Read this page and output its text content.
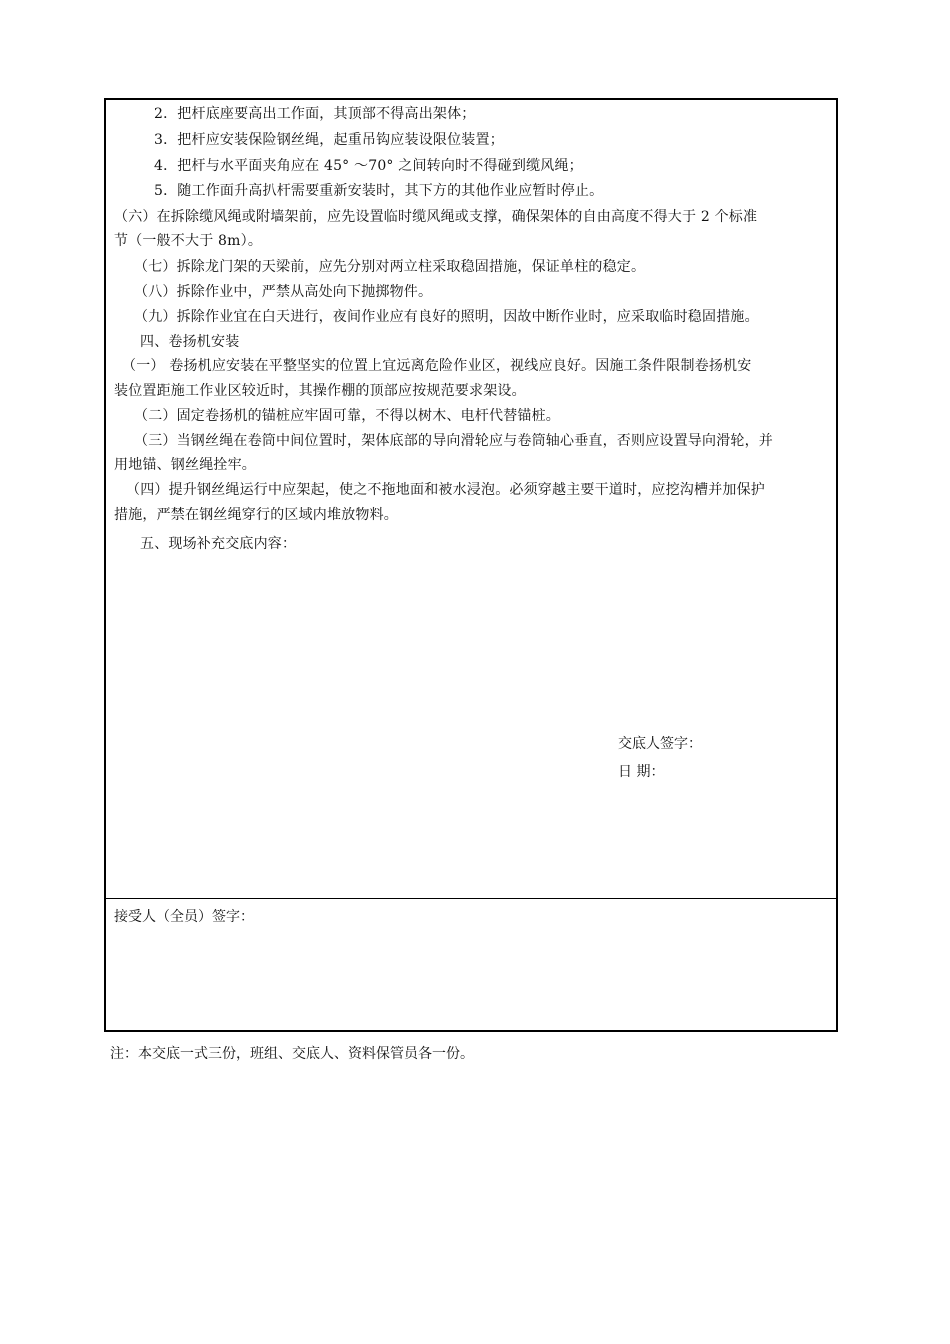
2．把杆底座要高出工作面，其顶部不得高出架体；
3．把杆应安装保险钢丝绳，起重吊钩应装设限位装置；
4．把杆与水平面夹角应在 45° ～70° 之间转向时不得碰到缆风绳；
5．随工作面升高扒杆需要重新安装时，其下方的其他作业应暂时停止。
（六）在拆除缆风绳或附墙架前，应先设置临时缆风绳或支撑，确保架体的自由高度不得大于 2 个标准
节（一般不大于 8m）。
（七）拆除龙门架的天梁前，应先分别对两立柱采取稳固措施，保证单柱的稳定。
（八）拆除作业中，严禁从高处向下抛掷物件。
（九）拆除作业宜在白天进行，夜间作业应有良好的照明，因故中断作业时，应采取临时稳固措施。
四、卷扬机安装
（一） 卷扬机应安装在平整坚实的位置上宜远离危险作业区，视线应良好。因施工条件限制卷扬机安
装位置距施工作业区较近时，其操作棚的顶部应按规范要求架设。
（二）固定卷扬机的锚桩应牢固可靠，不得以树木、电杆代替锚桩。
（三）当钢丝绳在卷筒中间位置时，架体底部的导向滑轮应与卷筒轴心垂直，否则应设置导向滑轮，并
用地锚、钢丝绳拴牢。
（四）提升钢丝绳运行中应架起，使之不拖地面和被水浸泡。必须穿越主要干道时，应挖沟槽并加保护
措施，严禁在钢丝绳穿行的区域内堆放物料。
五、现场补充交底内容：
交底人签字：
日 期：
接受人（全员）签字：
注：本交底一式三份，班组、交底人、资料保管员各一份。
